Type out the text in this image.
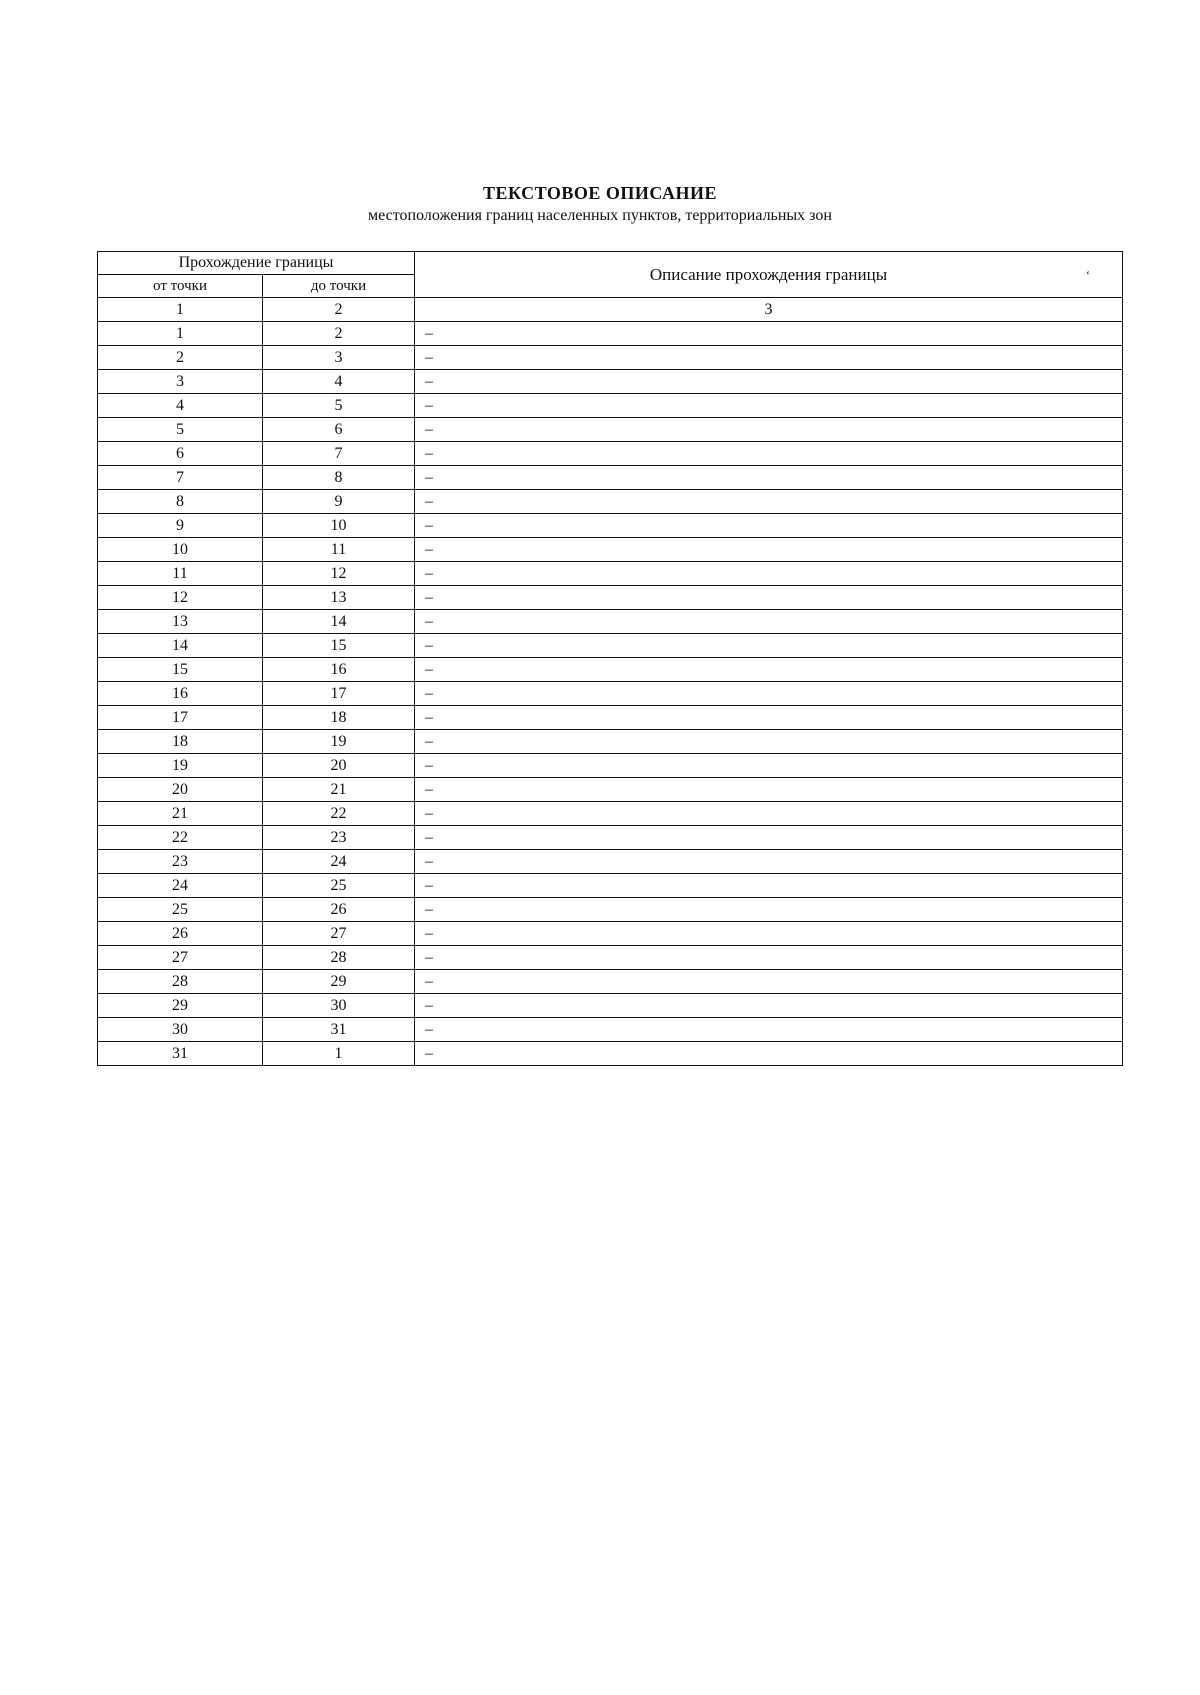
ТЕКСТОВОЕ ОПИСАНИЕ
местоположения границ населенных пунктов, территориальных зон
Прохождение границы		Описание прохождения границы ‘

от точки	до точки	
1	2	3
1	2	–
2	3	–
3	4	–
4	5	–
5	6	–
6	7	–
7	8	–
8	9	–
9	10	–
10	11	–
11	12	–
12	13	–
13	14	–
14	15	–
15	16	–
16	17	–
17	18	–
18	19	–
19	20	–
20	21	–
21	22	–
22	23	–
23	24	–
24	25	–
25	26	–
26	27	–
27	28	–
28	29	–
29	30	–
30	31	–
31	1	–
